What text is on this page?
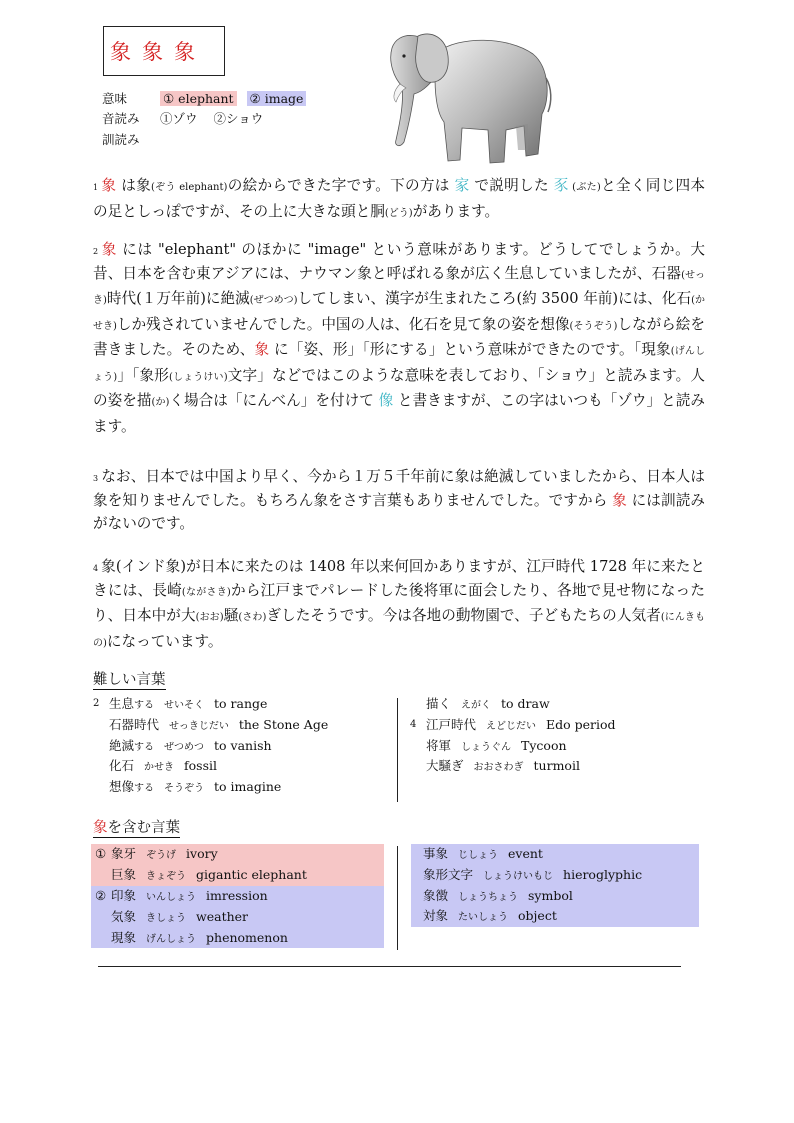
象 象 象
意味	① elephant ② image
音読み ①ゾウ ②ショウ
訓読み

$^1$ 象 は象(ぞう elephant)の絵からできた字です。下の方は 家 で説明した 豕 (ぶた)と全く同じ四本の足としっぽですが、その上に大きな頭と胴(どう)があります。

$^2$ 象 には "elephant" のほかに "image" という意味があります。どうしてでしょうか。大昔、日本を含む東アジアには、ナウマン象と呼ばれる象が広く生息していましたが、石器(せっき)時代(１万年前)に絶滅(ぜつめつ)してしまい、漢字が生まれたころ(約 3500 年前)には、化石(かせき)しか残されていませんでした。中国の人は、化石を見て象の姿を想像(そうぞう)しながら絵を書きました。そのため、象 に「姿、形」「形にする」という意味ができたのです。「現象(げんしょう)」「象形(しょうけい)文字」などではこのような意味を表しており、「ショウ」と読みます。人の姿を描(か)く場合は「にんべん」を付けて 像 と書きますが、この字はいつも「ゾウ」と読みます。

$^3$ なお、日本では中国より早く、今から１万５千年前に象は絶滅していましたから、日本人は象を知りませんでした。もちろん象をさす言葉もありませんでした。ですから 象 には訓読みがないのです。

$^4$ 象(インド象)が日本に来たのは 1408 年以来何回かありますが、江戸時代 1728 年に来たときには、長崎(ながさき)から江戸までパレードした後将軍に面会したり、各地で見せ物になったり、日本中が大(おお)騒(さわ)ぎしたそうです。今は各地の動物園で、子どもたちの人気者(にんきもの)になっています。

難しい言葉
2 生息する せいそく to range
石器時代 せっきじだい the Stone Age
絶滅する ぜつめつ to vanish
化石 かせき fossil
想像する そうぞう to imagine
描く えがく to draw
4 江戸時代 えどじだい Edo period
将軍 しょうぐん Tycoon
大騒ぎ おおさわぎ turmoil
象を含む言葉
① 象牙 ぞうげ ivory
巨象 きょぞう gigantic elephant
② 印象 いんしょう imression
気象 きしょう weather
現象 げんしょう phenomenon
事象 じしょう event
象形文字 しょうけいもじ hieroglyphic
象徴 しょうちょう symbol
対象 たいしょう object
